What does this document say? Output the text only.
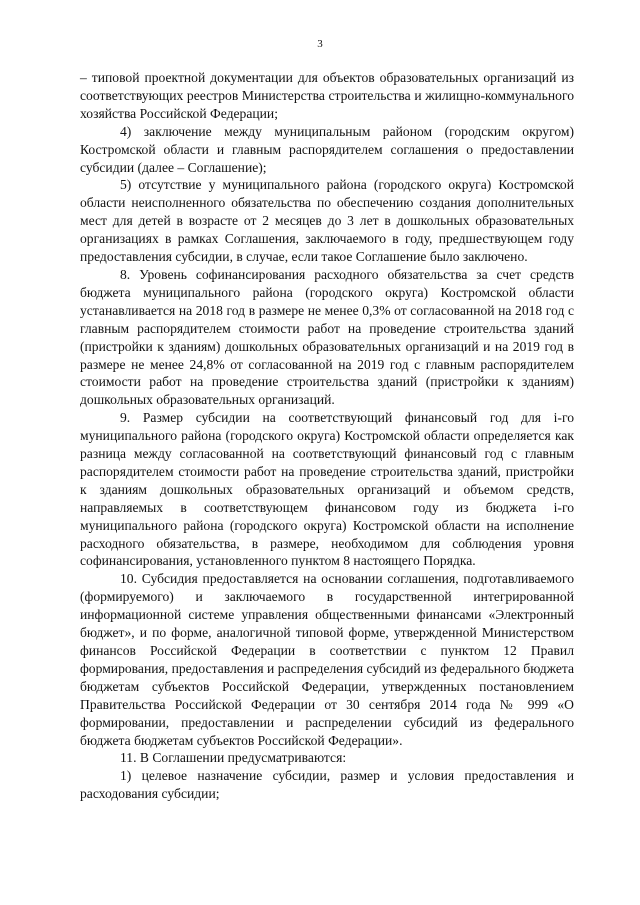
3

– типовой проектной документации для объектов образовательных организаций из соответствующих реестров Министерства строительства и жилищно-коммунального хозяйства Российской Федерации;

4) заключение между муниципальным районом (городским округом) Костромской области и главным распорядителем соглашения о предоставлении субсидии (далее – Соглашение);

5) отсутствие у муниципального района (городского округа) Костромской области неисполненного обязательства по обеспечению создания дополнительных мест для детей в возрасте от 2 месяцев до 3 лет в дошкольных образовательных организациях в рамках Соглашения, заключаемого в году, предшествующем году предоставления субсидии, в случае, если такое Соглашение было заключено.

8. Уровень софинансирования расходного обязательства за счет средств бюджета муниципального района (городского округа) Костромской области устанавливается на 2018 год в размере не менее 0,3% от согласованной на 2018 год с главным распорядителем стоимости работ на проведение строительства зданий (пристройки к зданиям) дошкольных образовательных организаций и на 2019 год в размере не менее 24,8% от согласованной на 2019 год с главным распорядителем стоимости работ на проведение строительства зданий (пристройки к зданиям) дошкольных образовательных организаций.

9. Размер субсидии на соответствующий финансовый год для i-го муниципального района (городского округа) Костромской области определяется как разница между согласованной на соответствующий финансовый год с главным распорядителем стоимости работ на проведение строительства зданий, пристройки к зданиям дошкольных образовательных организаций и объемом средств, направляемых в соответствующем финансовом году из бюджета i-го муниципального района (городского округа) Костромской области на исполнение расходного обязательства, в размере, необходимом для соблюдения уровня софинансирования, установленного пунктом 8 настоящего Порядка.

10. Субсидия предоставляется на основании соглашения, подготавливаемого (формируемого) и заключаемого в государственной интегрированной информационной системе управления общественными финансами «Электронный бюджет», и по форме, аналогичной типовой форме, утвержденной Министерством финансов Российской Федерации в соответствии с пунктом 12 Правил формирования, предоставления и распределения субсидий из федерального бюджета бюджетам субъектов Российской Федерации, утвержденных постановлением Правительства Российской Федерации от 30 сентября 2014 года № 999 «О формировании, предоставлении и распределении субсидий из федерального бюджета бюджетам субъектов Российской Федерации».

11. В Соглашении предусматриваются:

1) целевое назначение субсидии, размер и условия предоставления и расходования субсидии;
